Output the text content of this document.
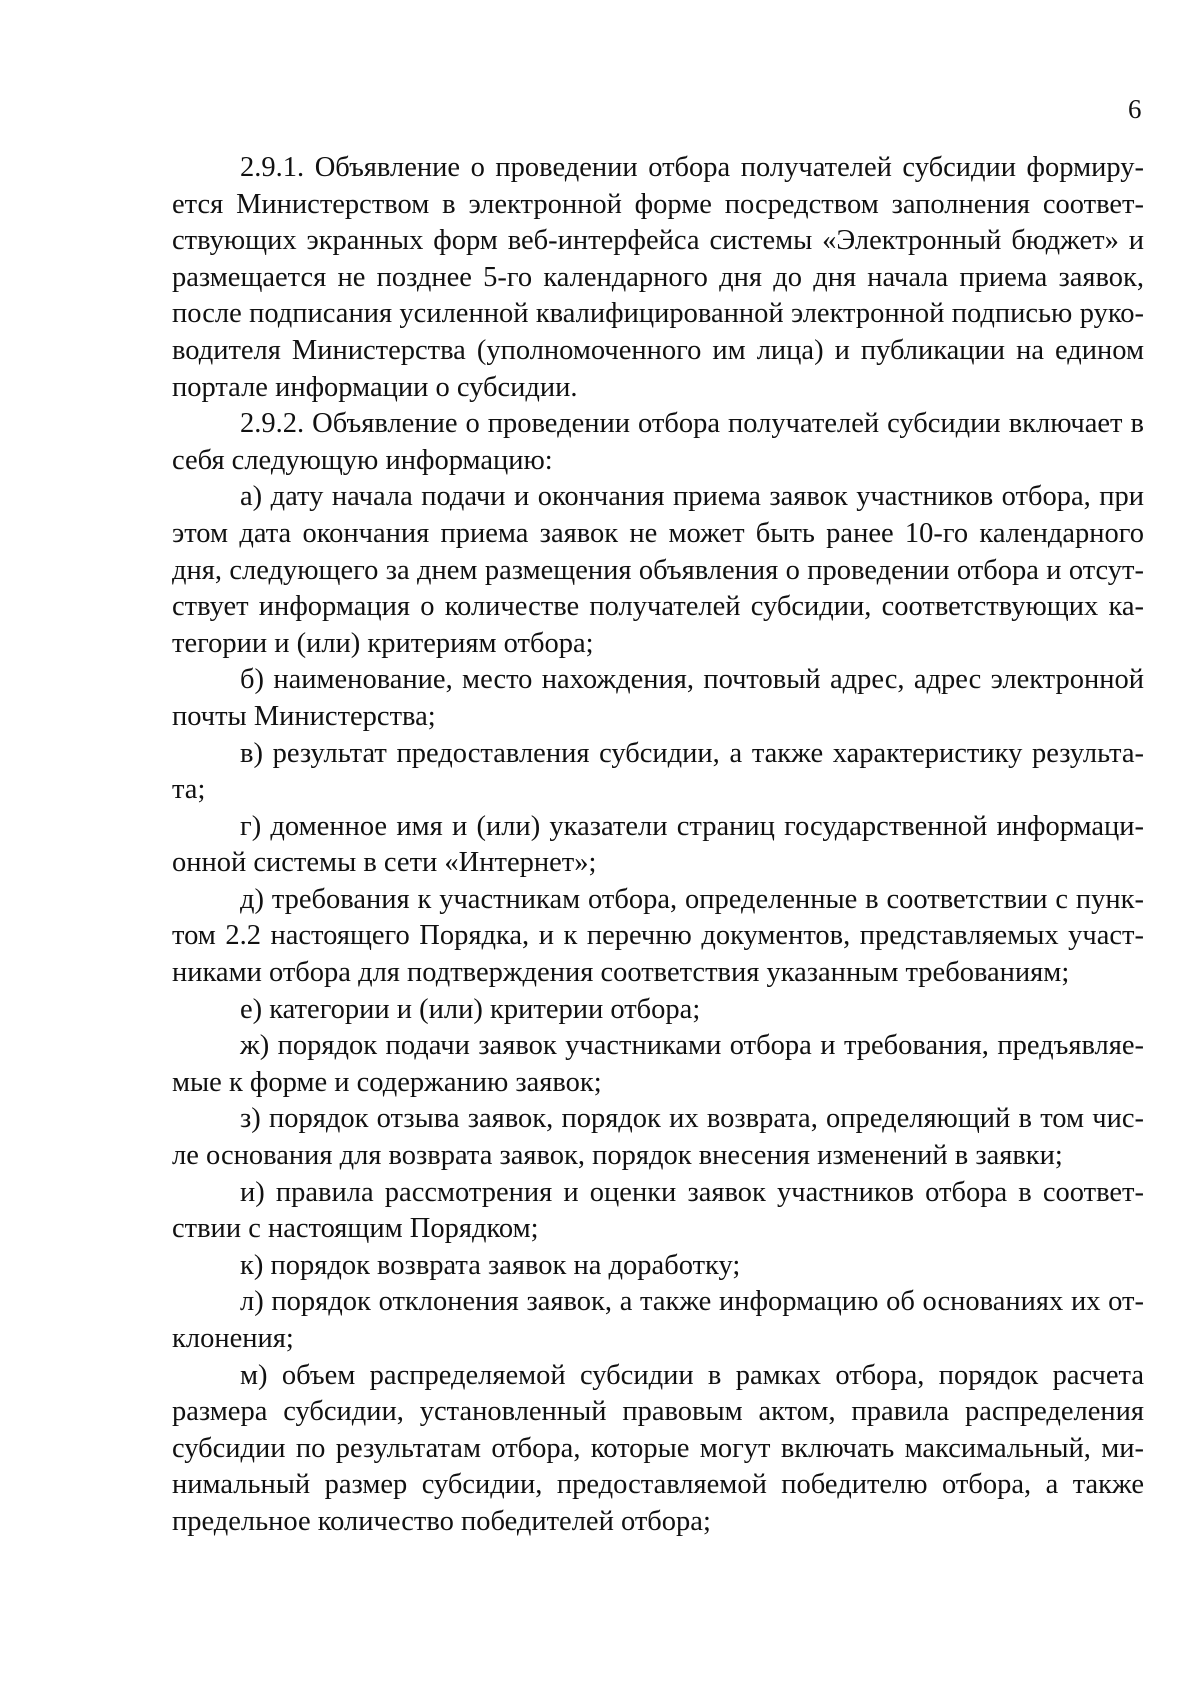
6
2.9.1. Объявление о проведении отбора получателей субсидии формиру-
ется Министерством в электронной форме посредством заполнения соответ-
ствующих экранных форм веб-интерфейса системы «Электронный бюджет» и
размещается не позднее 5-го календарного дня до дня начала приема заявок,
после подписания усиленной квалифицированной электронной подписью руко-
водителя Министерства (уполномоченного им лица) и публикации на едином
портале информации о субсидии.
2.9.2. Объявление о проведении отбора получателей субсидии включает в
себя следующую информацию:
а) дату начала подачи и окончания приема заявок участников отбора, при
этом дата окончания приема заявок не может быть ранее 10-го календарного
дня, следующего за днем размещения объявления о проведении отбора и отсут-
ствует информация о количестве получателей субсидии, соответствующих ка-
тегории и (или) критериям отбора;
б) наименование, место нахождения, почтовый адрес, адрес электронной
почты Министерства;
в) результат предоставления субсидии, а также характеристику результа-
та;
г) доменное имя и (или) указатели страниц государственной информаци-
онной системы в сети «Интернет»;
д) требования к участникам отбора, определенные в соответствии с пунк-
том 2.2 настоящего Порядка, и к перечню документов, представляемых участ-
никами отбора для подтверждения соответствия указанным требованиям;
е) категории и (или) критерии отбора;
ж) порядок подачи заявок участниками отбора и требования, предъявляе-
мые к форме и содержанию заявок;
з) порядок отзыва заявок, порядок их возврата, определяющий в том чис-
ле основания для возврата заявок, порядок внесения изменений в заявки;
и) правила рассмотрения и оценки заявок участников отбора в соответ-
ствии с настоящим Порядком;
к) порядок возврата заявок на доработку;
л) порядок отклонения заявок, а также информацию об основаниях их от-
клонения;
м) объем распределяемой субсидии в рамках отбора, порядок расчета
размера субсидии, установленный правовым актом, правила распределения
субсидии по результатам отбора, которые могут включать максимальный, ми-
нимальный размер субсидии, предоставляемой победителю отбора, а также
предельное количество победителей отбора;
